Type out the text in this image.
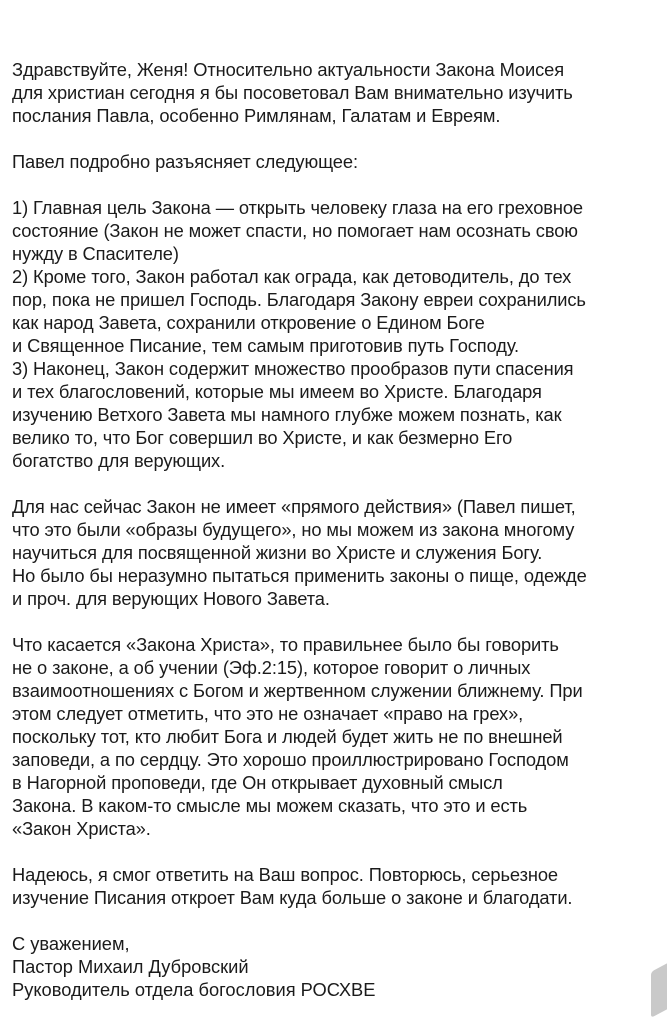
Здравствуйте, Женя! Относительно актуальности Закона Моисея
для христиан сегодня я бы посоветовал Вам внимательно изучить
послания Павла, особенно Римлянам, Галатам и Евреям.

Павел подробно разъясняет следующее:

1) Главная цель Закона — открыть человеку глаза на его греховное
состояние (Закон не может спасти, но помогает нам осознать свою
нужду в Спасителе)
2) Кроме того, Закон работал как ограда, как детоводитель, до тех
пор, пока не пришел Господь. Благодаря Закону евреи сохранились
как народ Завета, сохранили откровение о Едином Боге
и Священное Писание, тем самым приготовив путь Господу.
3) Наконец, Закон содержит множество прообразов пути спасения
и тех благословений, которые мы имеем во Христе. Благодаря
изучению Ветхого Завета мы намного глубже можем познать, как
велико то, что Бог совершил во Христе, и как безмерно Его
богатство для верующих.

Для нас сейчас Закон не имеет «прямого действия» (Павел пишет,
что это были «образы будущего», но мы можем из закона многому
научиться для посвященной жизни во Христе и служения Богу.
Но было бы неразумно пытаться применить законы о пище, одежде
и проч. для верующих Нового Завета.

Что касается «Закона Христа», то правильнее было бы говорить
не о законе, а об учении (Эф.2:15), которое говорит о личных
взаимоотношениях с Богом и жертвенном служении ближнему. При
этом следует отметить, что это не означает «право на грех»,
поскольку тот, кто любит Бога и людей будет жить не по внешней
заповеди, а по сердцу. Это хорошо проиллюстрировано Господом
в Нагорной проповеди, где Он открывает духовный смысл
Закона. В каком-то смысле мы можем сказать, что это и есть
«Закон Христа».

Надеюсь, я смог ответить на Ваш вопрос. Повторюсь, серьезное
изучение Писания откроет Вам куда больше о законе и благодати.

С уважением,
Пастор Михаил Дубровский
Руководитель отдела богословия РОСХВЕ
